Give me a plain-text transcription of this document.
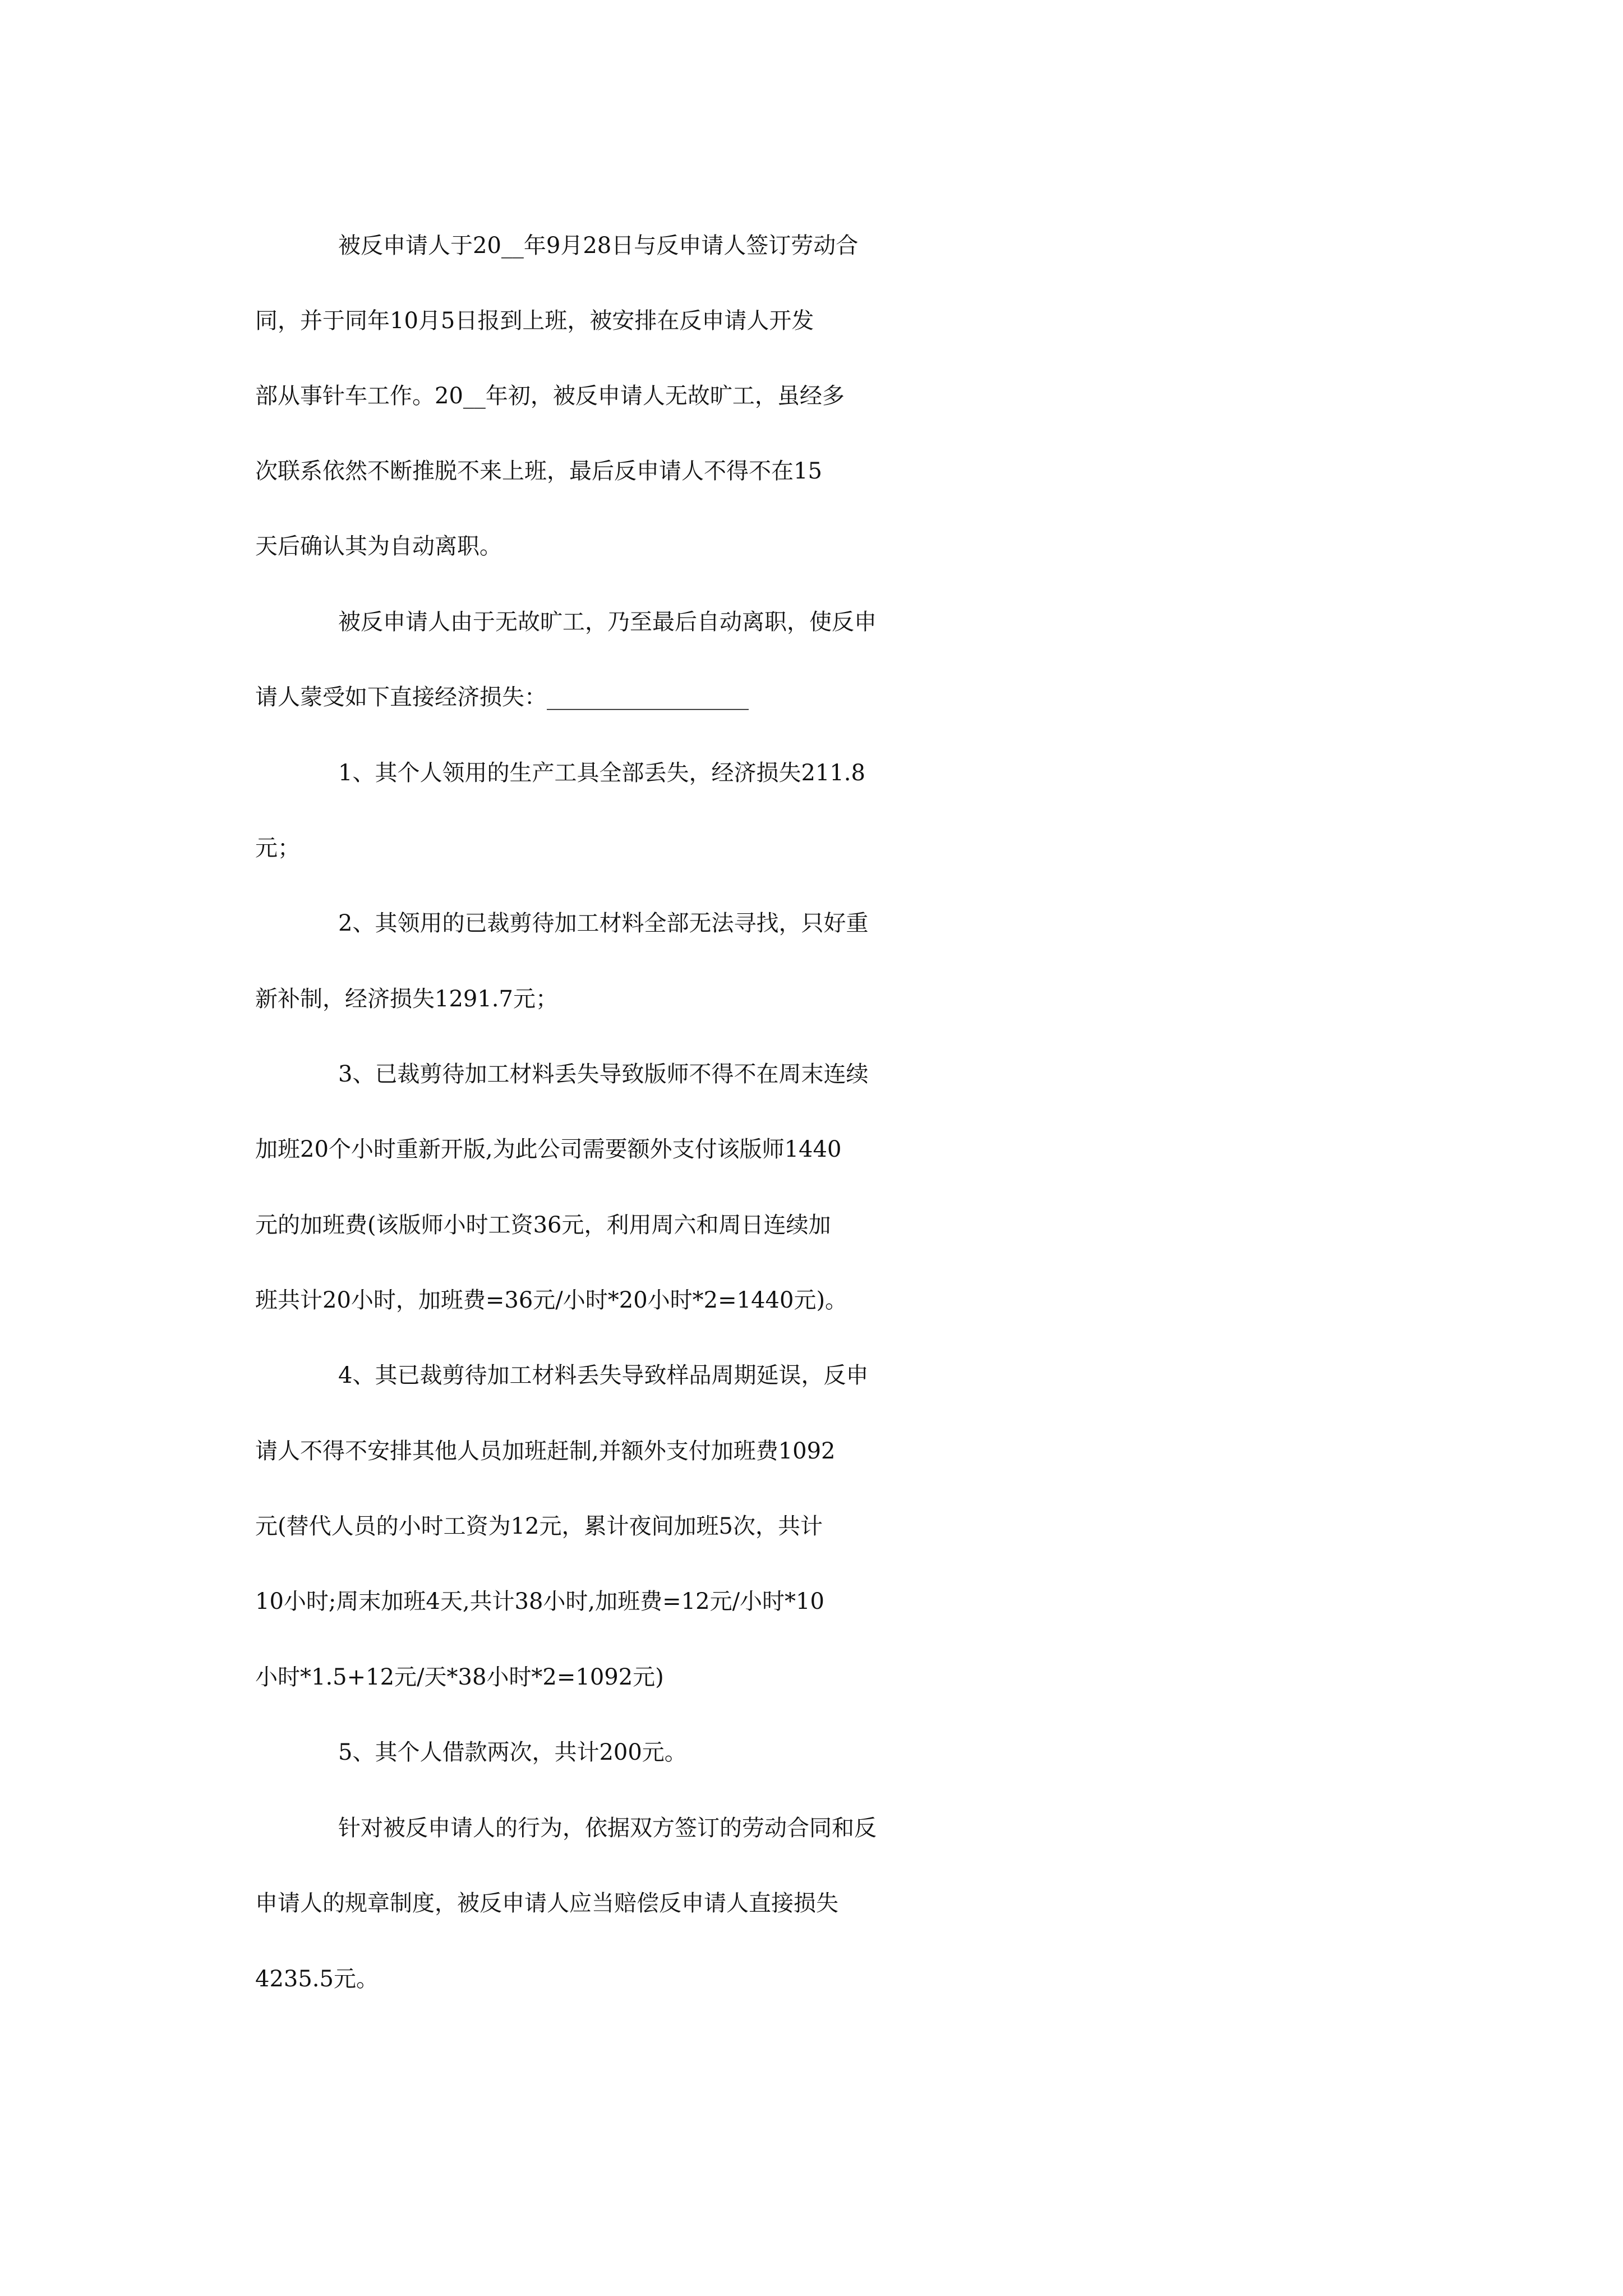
被反申请人于20__年9月28日与反申请人签订劳动合

同，并于同年10月5日报到上班，被安排在反申请人开发

部从事针车工作。20__年初，被反申请人无故旷工，虽经多

次联系依然不断推脱不来上班，最后反申请人不得不在15

天后确认其为自动离职。

被反申请人由于无故旷工，乃至最后自动离职，使反申

请人蒙受如下直接经济损失：__________________

1、其个人领用的生产工具全部丢失，经济损失211.8

元；

2、其领用的已裁剪待加工材料全部无法寻找，只好重

新补制，经济损失1291.7元；

3、已裁剪待加工材料丢失导致版师不得不在周末连续

加班20个小时重新开版,为此公司需要额外支付该版师1440

元的加班费(该版师小时工资36元，利用周六和周日连续加

班共计20小时，加班费=36元/小时*20小时*2=1440元)。

4、其已裁剪待加工材料丢失导致样品周期延误，反申

请人不得不安排其他人员加班赶制,并额外支付加班费1092

元(替代人员的小时工资为12元，累计夜间加班5次，共计

10小时;周末加班4天,共计38小时,加班费=12元/小时*10

小时*1.5+12元/天*38小时*2=1092元)

5、其个人借款两次，共计200元。

针对被反申请人的行为，依据双方签订的劳动合同和反

申请人的规章制度，被反申请人应当赔偿反申请人直接损失

4235.5元。
